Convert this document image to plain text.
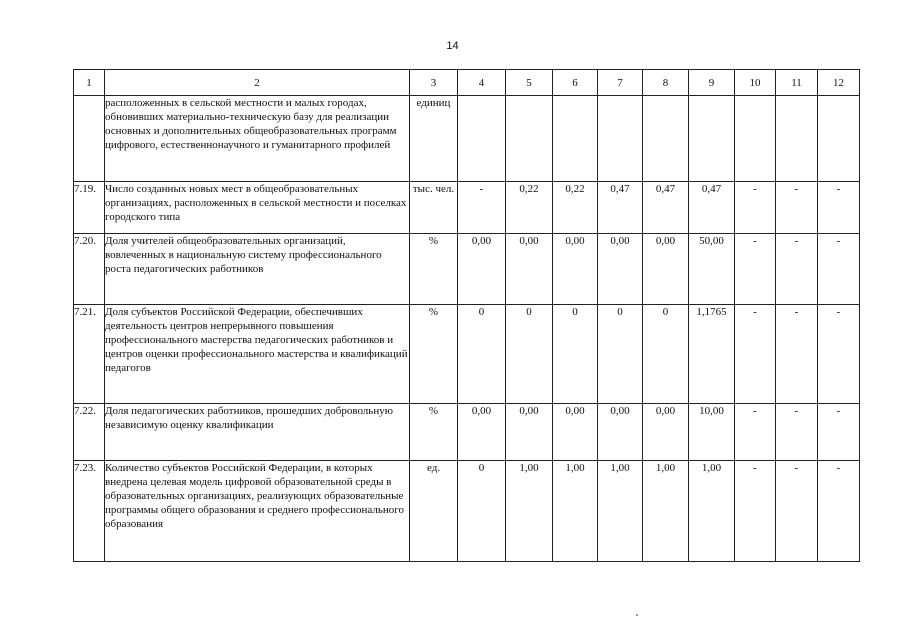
14
1	2	3	4	5	6	7	8	9	10	11	12
	расположенных в сельской местности и малых городах, обновивших материально-техническую базу для реализации основных и дополнительных общеобразовательных программ цифрового, естественнонаучного и гуманитарного профилей	единиц									
7.19.	Число созданных новых мест в общеобразовательных организациях, расположенных в сельской местности и поселках городского типа	тыс. чел.	-	0,22	0,22	0,47	0,47	0,47	-	-	-
7.20.	Доля учителей общеобразовательных организаций, вовлеченных в национальную систему профессионального роста педагогических работников	%	0,00	0,00	0,00	0,00	0,00	50,00	-	-	-
7.21.	Доля субъектов Российской Федерации, обеспечивших деятельность центров непрерывного повышения профессионального мастерства педагогических работников и центров оценки профессионального мастерства и квалификаций педагогов	%	0	0	0	0	0	1,1765	-	-	-
7.22.	Доля педагогических работников, прошедших добровольную независимую оценку квалификации	%	0,00	0,00	0,00	0,00	0,00	10,00	-	-	-
7.23.	Количество субъектов Российской Федерации, в которых внедрена целевая модель цифровой образовательной среды в образовательных организациях, реализующих образовательные программы общего образования и среднего профессионального образования	ед.	0	1,00	1,00	1,00	1,00	1,00	-	-	-
